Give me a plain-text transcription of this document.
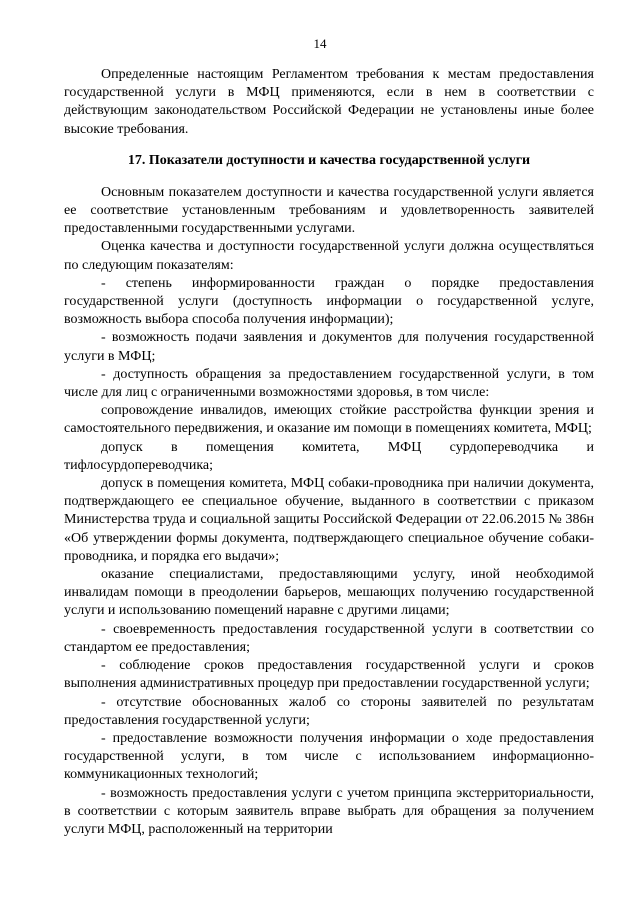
14

Определенные настоящим Регламентом требования к местам предоставления государственной услуги в МФЦ применяются, если в нем в соответствии с действующим законодательством Российской Федерации не установлены иные более высокие требования.

17. Показатели доступности и качества государственной услуги

Основным показателем доступности и качества государственной услуги является ее соответствие установленным требованиям и удовлетворенность заявителей предоставленными государственными услугами.

Оценка качества и доступности государственной услуги должна осуществляться по следующим показателям:

- степень информированности граждан о порядке предоставления государственной услуги (доступность информации о государственной услуге, возможность выбора способа получения информации);

- возможность подачи заявления и документов для получения государственной услуги в МФЦ;

- доступность обращения за предоставлением государственной услуги, в том числе для лиц с ограниченными возможностями здоровья, в том числе:

сопровождение инвалидов, имеющих стойкие расстройства функции зрения и самостоятельного передвижения, и оказание им помощи в помещениях комитета, МФЦ;

допуск в помещения комитета, МФЦ сурдопереводчика и тифлосурдопереводчика;

допуск в помещения комитета, МФЦ собаки-проводника при наличии документа, подтверждающего ее специальное обучение, выданного в соответствии с приказом Министерства труда и социальной защиты Российской Федерации от 22.06.2015 № 386н «Об утверждении формы документа, подтверждающего специальное обучение собаки-проводника, и порядка его выдачи»;

оказание специалистами, предоставляющими услугу, иной необходимой инвалидам помощи в преодолении барьеров, мешающих получению государственной услуги и использованию помещений наравне с другими лицами;

- своевременность предоставления государственной услуги в соответствии со стандартом ее предоставления;

- соблюдение сроков предоставления государственной услуги и сроков выполнения административных процедур при предоставлении государственной услуги;

- отсутствие обоснованных жалоб со стороны заявителей по результатам предоставления государственной услуги;

- предоставление возможности получения информации о ходе предоставления государственной услуги, в том числе с использованием информационно-коммуникационных технологий;

- возможность предоставления услуги с учетом принципа экстерриториальности, в соответствии с которым заявитель вправе выбрать для обращения за получением услуги МФЦ, расположенный на территории
